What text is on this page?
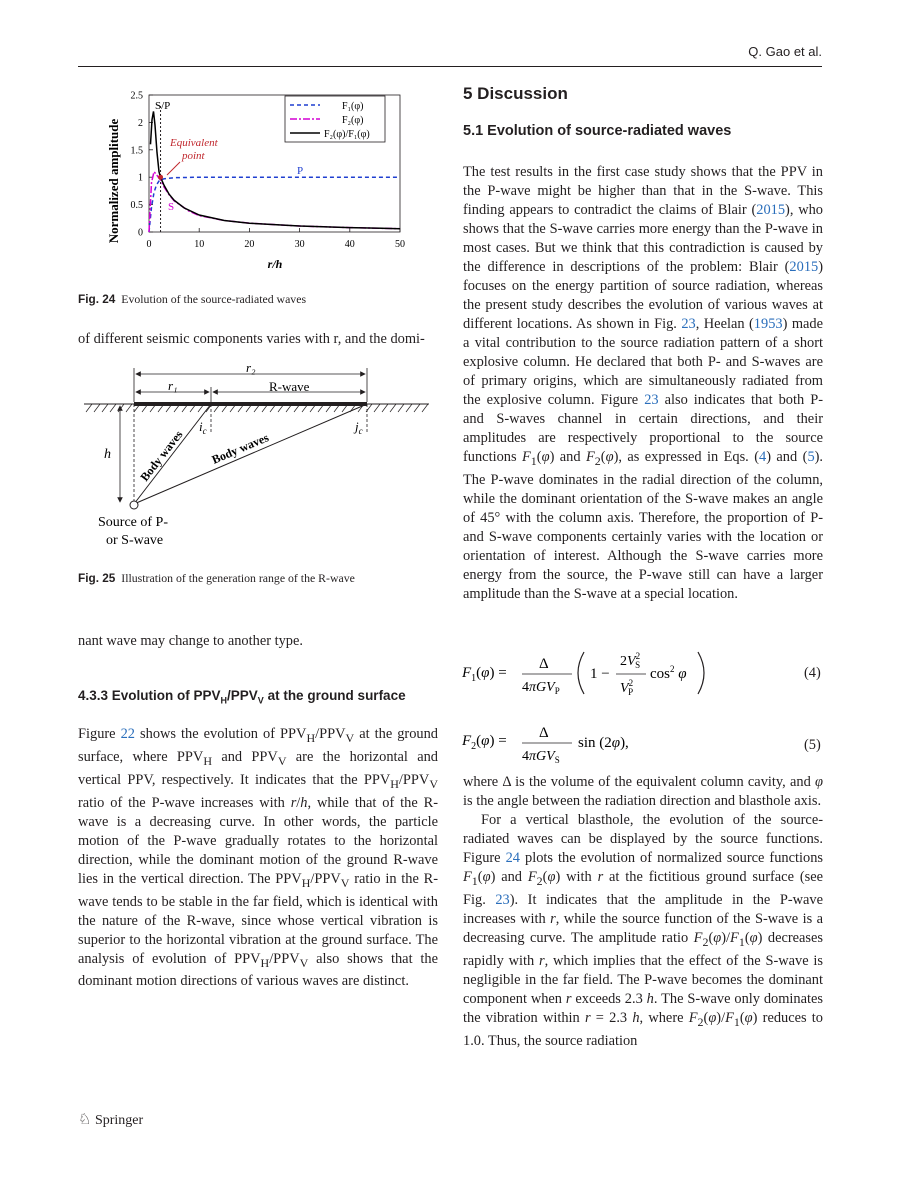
Q. Gao et al.
0	10	20	30	40	50
0
0.5
1
1.5
2
2.5
Normalized amplitude
r/h
S/P
Equivalent
point
P
S
F₁(φ)
F₂(φ)
F₂(φ)/F₁(φ)
Fig. 24 Evolution of the source-radiated waves

of different seismic components varies with r, and the domi-

r₂
r₁	R-wave
h
$i_c$	$j_c$
Body waves Body waves
Source of P-
or S-wave
Fig. 25 Illustration of the generation range of the R-wave

nant wave may change to another type.

4.3.3 Evolution of $PPV_H/PPV_V$ at the ground surface

Figure 22 shows the evolution of $PPV_H/PPV_V$ at the ground surface, where $PPV_H$ and $PPV_V$ are the horizontal and vertical PPV, respectively. It indicates that the $PPV_H/PPV_V$ ratio of the P-wave increases with r/h, while that of the R-wave is a decreasing curve. In other words, the particle motion of the P-wave gradually rotates to the horizontal direction, while the dominant motion of the ground R-wave lies in the vertical direction. The $PPV_H/PPV_V$ ratio in the R-wave tends to be stable in the far field, which is identical with the nature of the R-wave, since whose vertical vibration is superior to the horizontal vibration at the ground surface. The analysis of evolution of $PPV_H/PPV_V$ also shows that the dominant motion directions of various waves are distinct.

5 Discussion
5.1 Evolution of source-radiated waves

The test results in the first case study shows that the PPV in the P-wave might be higher than that in the S-wave. This finding appears to contradict the claims of Blair (2015), who shows that the S-wave carries more energy than the P-wave in most cases. But we think that this contradiction is caused by the difference in descriptions of the problem: Blair (2015) focuses on the energy partition of source radiation, whereas the present study describes the evolution of various waves at different locations. As shown in Fig. 23, Heelan (1953) made a vital contribution to the source radiation pattern of a short explosive column. He declared that both P- and S-waves are of primary origins, which are simultaneously radiated from the explosive column. Figure 23 also indicates that both P- and S-waves channel in certain directions, and their amplitudes are respectively proportional to the source functions $F_1(\varphi)$ and $F_2(\varphi)$, as expressed in Eqs. (4) and (5). The P-wave dominates in the radial direction of the column, while the dominant orientation of the S-wave makes an angle of 45° with the column axis. Therefore, the proportion of P- and S-wave components certainly varies with the location or orientation of interest. Although the S-wave carries more energy from the source, the P-wave still can have a larger amplitude than the S-wave at a special location.

$F_1(\varphi)$ =
Δ
4πGV$_P$
1 −
$2V^2$ S
$V^2$ P
$\cos^2 \varphi$	(4)
$F_2(\varphi) = \Delta$
4πGV$_S$
sin (2φ),	(5)

where Δ is the volume of the equivalent column cavity, and φ is the angle between the radiation direction and blasthole axis.

For a vertical blasthole, the evolution of the source-radiated waves can be displayed by the source functions. Figure 24 plots the evolution of normalized source functions $F_1(\varphi)$ and $F_2(\varphi)$ with r at the fictitious ground surface (see Fig. 23). It indicates that the amplitude in the P-wave increases with r, while the source function of the S-wave is a decreasing curve. The amplitude ratio $F_2(\varphi)/F_1(\varphi)$ decreases rapidly with r, which implies that the effect of the S-wave is negligible in the far field. The P-wave becomes the dominant component when r exceeds 2.3 h. The S-wave only dominates the vibration within r = 2.3 h, where $F_2(\varphi)/F_1(\varphi)$ reduces to 1.0. Thus, the source radiation

♘ Springer
